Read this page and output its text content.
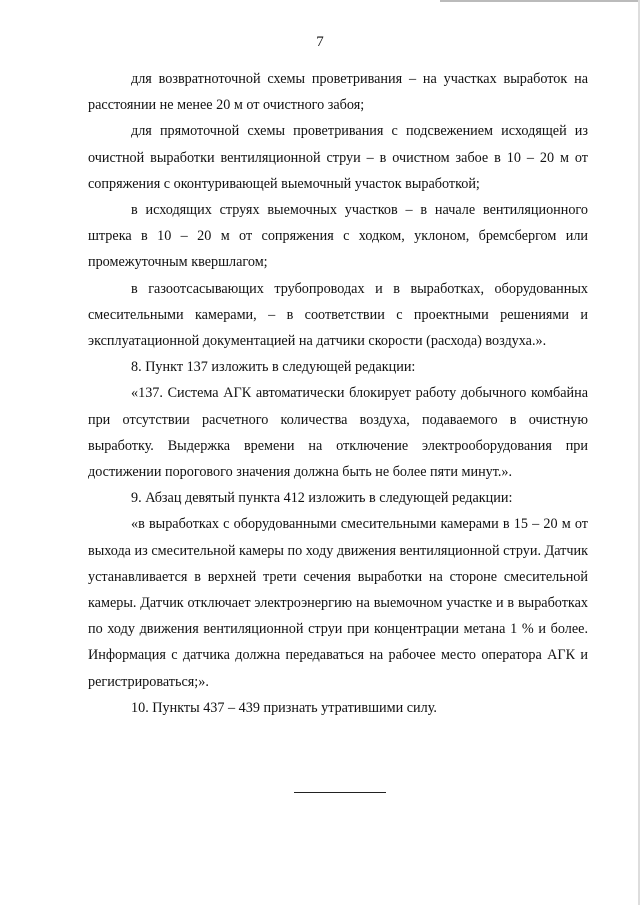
7

для возвратноточной схемы проветривания – на участках выработок на расстоянии не менее 20 м от очистного забоя;

для прямоточной схемы проветривания с подсвежением исходящей из очистной выработки вентиляционной струи – в очистном забое в 10 – 20 м от сопряжения с оконтуривающей выемочный участок выработкой;

в исходящих струях выемочных участков – в начале вентиляционного штрека в 10 – 20 м от сопряжения с ходком, уклоном, бремсбергом или промежуточным квершлагом;

в газоотсасывающих трубопроводах и в выработках, оборудованных смесительными камерами, – в соответствии с проектными решениями и эксплуатационной документацией на датчики скорости (расхода) воздуха.».

8. Пункт 137 изложить в следующей редакции:

«137. Система АГК автоматически блокирует работу добычного комбайна при отсутствии расчетного количества воздуха, подаваемого в очистную выработку. Выдержка времени на отключение электрооборудования при достижении порогового значения должна быть не более пяти минут.».

9. Абзац девятый пункта 412 изложить в следующей редакции:

«в выработках с оборудованными смесительными камерами в 15 – 20 м от выхода из смесительной камеры по ходу движения вентиляционной струи. Датчик устанавливается в верхней трети сечения выработки на стороне смесительной камеры. Датчик отключает электроэнергию на выемочном участке и в выработках по ходу движения вентиляционной струи при концентрации метана 1 % и более. Информация с датчика должна передаваться на рабочее место оператора АГК и регистрироваться;».

10. Пункты 437 – 439 признать утратившими силу.
